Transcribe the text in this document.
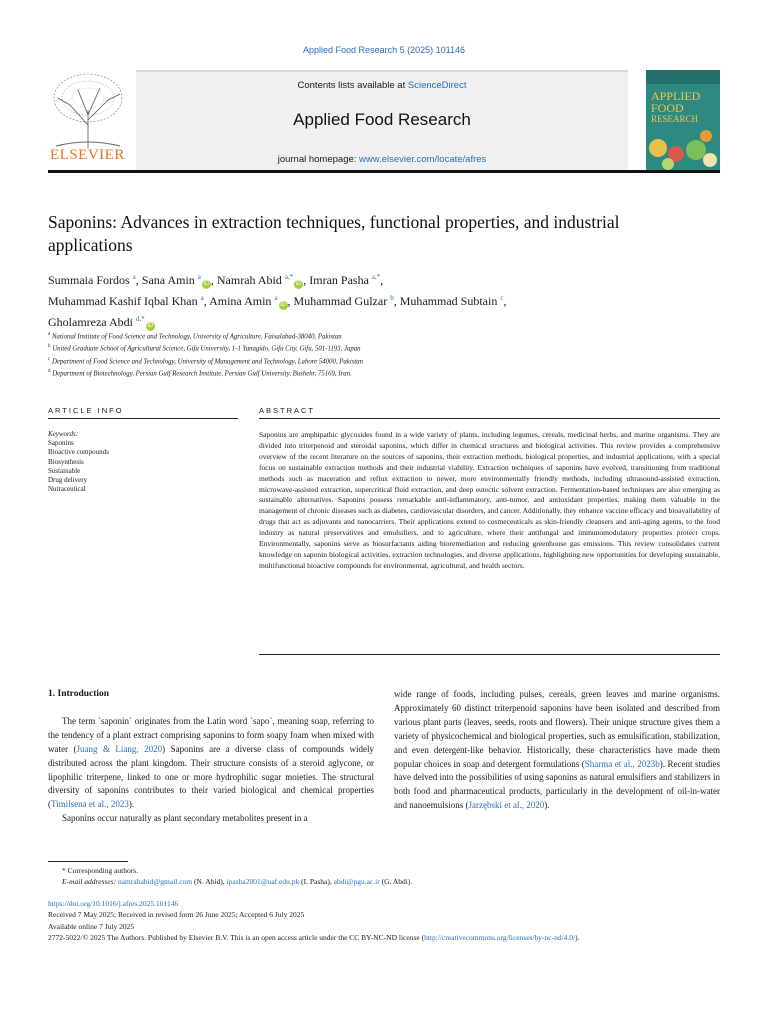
Applied Food Research 5 (2025) 101146
ELSEVIER
Contents lists available at ScienceDirect
Applied Food Research
journal homepage: www.elsevier.com/locate/afres
APPLIED
FOOD
RESEARCH
Saponins: Advances in extraction techniques, functional properties, and industrial applications
Summaia Fordos $^a$, Sana Amin $^a$iD , Namrah Abid $^{a,*}$iD , Imran Pasha $^{a,*}$,
Muhammad Kashif Iqbal Khan $^a$, Amina Amin $^a$iD , Muhammad Gulzar $^b$, Muhammad Subtain $^c$,
Gholamreza Abdi $^{d,*}$iD
$^a$ National Institute of Food Science and Technology, University of Agriculture, Faisalabad-38040, Pakistan
$^b$ United Graduate School of Agricultural Science, Gifu University, 1-1 Yanagido, Gifu City, Gifu, 501-1193, Japan
$^c$ Department of Food Science and Technology, University of Management and Technology, Lahore 54000, Pakistan
$^d$ Department of Biotechnology, Persian Gulf Research Institute, Persian Gulf University, Bushehr, 75169, Iran.
ARTICLE INFO	ABSTRACT
Keywords:
Saponins
Bioactive compounds
Biosynthesis
Sustainable
Drug delivery
Nutraceutical
Saponins are amphipathic glycosides found in a wide variety of plants, including legumes, cereals, medicinal herbs, and marine organisms. They are divided into triterpenoid and steroidal saponins, which differ in chemical structures and biological activities. This review provides a comprehensive overview of the recent literature on the sources of saponins, their extraction methods, biological properties, and industrial applications, with a special focus on sustainable extraction methods and their industrial viability. Extraction techniques of saponins have evolved, transitioning from traditional methods such as maceration and reflux extraction to newer, more environmentally friendly methods, including ultrasound-assisted extraction, microwave-assisted extraction, supercritical fluid extraction, and deep eutectic solvent extraction. Fermentation-based techniques are also emerging as sustainable alternatives. Saponins possess remarkable anti-inflammatory, anti-tumor, and antioxidant properties, making them valuable in the management of chronic diseases such as diabetes, cardiovascular disorders, and cancer. Additionally, they enhance vaccine efficacy and bioavailability of drugs that act as adjuvants and nanocarriers. Their applications extend to cosmeceuticals as skin-friendly cleansers and anti-aging agents, to the food industry as natural preservatives and emulsifiers, and to agriculture, where their antifungal and immunomodulatory properties protect crops. Environmentally, saponins serve as biosurfactants aiding bioremediation and reducing greenhouse gas emissions. This review consolidates current knowledge on saponin biological activities, extraction technologies, and diverse applications, highlighting new opportunities for developing sustainable, multifunctional bioactive compounds for environmental, agricultural, and health sectors.
1. Introduction

The term `saponin` originates from the Latin word `sapo`, meaning soap, referring to the tendency of a plant extract comprising saponins to form soapy foam when mixed with water (Juang & Liang, 2020) Saponins are a diverse class of compounds widely distributed across the plant kingdom. Their structure consists of a steroid aglycone, or lipophilic triterpene, linked to one or more hydrophilic sugar moieties. The structural diversity of saponins contributes to their varied biological and chemical properties (Timilsena et al., 2023).

Saponins occur naturally as plant secondary metabolites present in a

wide range of foods, including pulses, cereals, green leaves and marine organisms. Approximately 60 distinct triterpenoid saponins have been isolated and described from various plant parts (leaves, seeds, roots and flowers). Their unique structure gives them a variety of physicochemical and biological properties, such as emulsification, stabilization, and even detergent-like behavior. Historically, these characteristics have made them popular choices in soap and detergent formulations (Sharma et al., 2023b). Recent studies have delved into the possibilities of using saponins as natural emulsifiers and stabilizers in both food and pharmaceutical products, particularly in the development of oil-in-water and nanoemulsions (Jarzębski et al., 2020).

* Corresponding authors.
E-mail addresses: namrahabid@gmail.com (N. Abid), ipasha2001@uaf.edu.pk (I. Pasha), abdi@pgu.ac.ir (G. Abdi).
https://doi.org/10.1016/j.afres.2025.101146
Received 7 May 2025; Received in revised form 26 June 2025; Accepted 6 July 2025
Available online 7 July 2025
2772-5022/© 2025 The Authors. Published by Elsevier B.V. This is an open access article under the CC BY-NC-ND license (http://creativecommons.org/licenses/by-nc-nd/4.0/).
